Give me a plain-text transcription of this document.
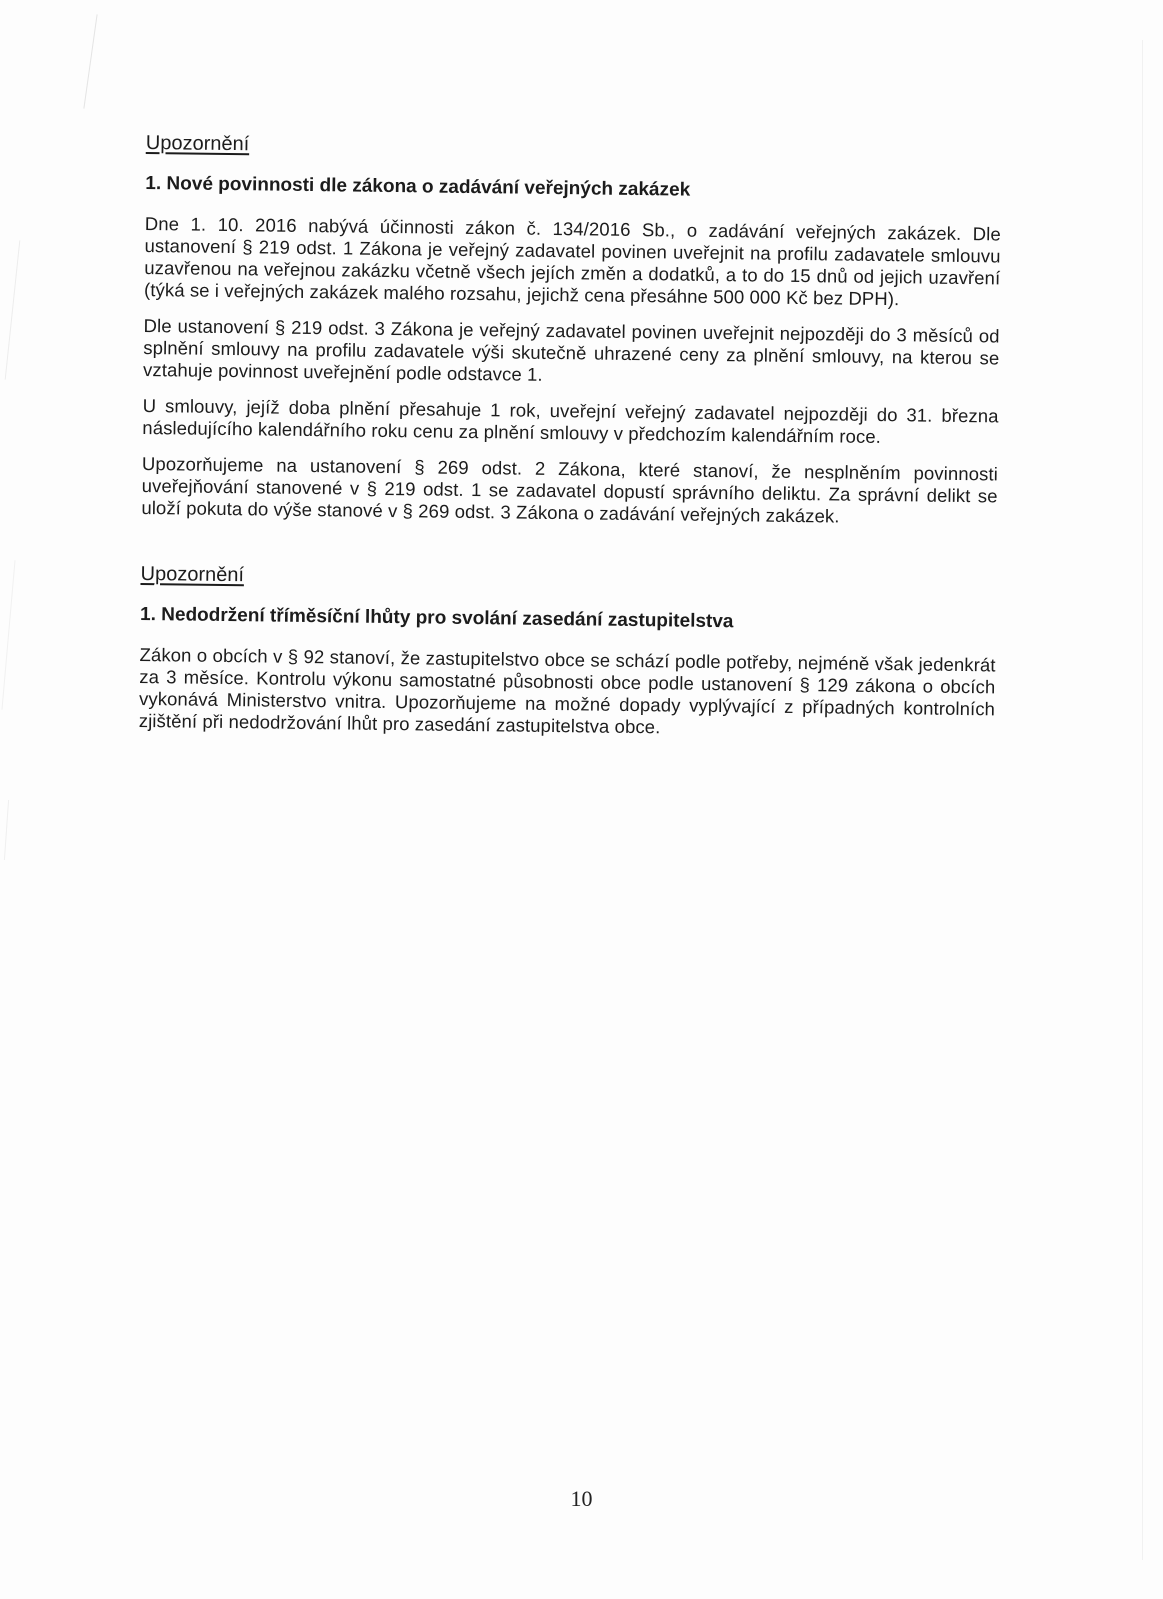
Upozornění
1. Nové povinnosti dle zákona o zadávání veřejných zakázek

Dne 1. 10. 2016 nabývá účinnosti zákon č. 134/2016 Sb., o zadávání veřejných zakázek. Dle ustanovení § 219 odst. 1 Zákona je veřejný zadavatel povinen uveřejnit na profilu zadavatele smlouvu uzavřenou na veřejnou zakázku včetně všech jejích změn a dodatků, a to do 15 dnů od jejich uzavření (týká se i veřejných zakázek malého rozsahu, jejichž cena přesáhne 500 000 Kč bez DPH).

Dle ustanovení § 219 odst. 3 Zákona je veřejný zadavatel povinen uveřejnit nejpozději do 3 měsíců od splnění smlouvy na profilu zadavatele výši skutečně uhrazené ceny za plnění smlouvy, na kterou se vztahuje povinnost uveřejnění podle odstavce 1.

U smlouvy, jejíž doba plnění přesahuje 1 rok, uveřejní veřejný zadavatel nejpozději do 31. března následujícího kalendářního roku cenu za plnění smlouvy v předchozím kalendářním roce.

Upozorňujeme na ustanovení § 269 odst. 2 Zákona, které stanoví, že nesplněním povinnosti uveřejňování stanovené v § 219 odst. 1 se zadavatel dopustí správního deliktu. Za správní delikt se uloží pokuta do výše stanové v § 269 odst. 3 Zákona o zadávání veřejných zakázek.

Upozornění
1. Nedodržení tříměsíční lhůty pro svolání zasedání zastupitelstva

Zákon o obcích v § 92 stanoví, že zastupitelstvo obce se schází podle potřeby, nejméně však jedenkrát za 3 měsíce. Kontrolu výkonu samostatné působnosti obce podle ustanovení § 129 zákona o obcích vykonává Ministerstvo vnitra. Upozorňujeme na možné dopady vyplývající z případných kontrolních zjištění při nedodržování lhůt pro zasedání zastupitelstva obce.

10
